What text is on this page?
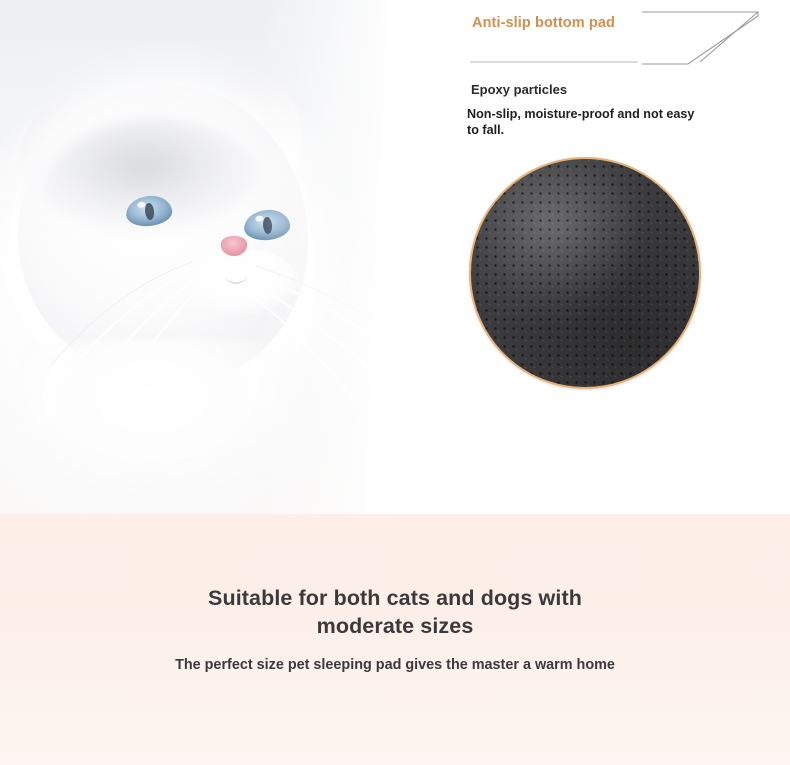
Anti-slip bottom pad
Epoxy particles
Non-slip, moisture-proof and not easy to fall.
Suitable for both cats and dogs with
moderate sizes
The perfect size pet sleeping pad gives the master a warm home
